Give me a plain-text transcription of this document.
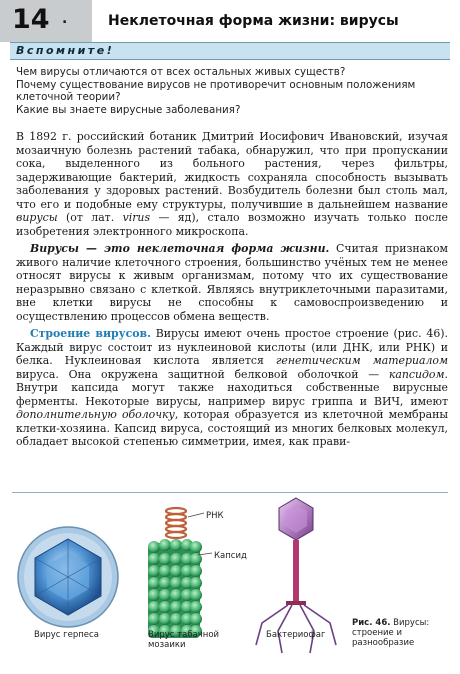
14 .	Неклеточная форма жизни: вирусы
Вспомните!
Чем вирусы отличаются от всех остальных живых существ?
Почему существование вирусов не противоречит основным положениям клеточной теории?
Какие вы знаете вирусные заболевания?

В 1892 г. российский ботаник Дмитрий Иосифович Ивановский, изучая мозаичную болезнь растений табака, обнаружил, что при пропускании сока, выделенного из больного растения, через фильтры, задерживающие бактерий, жидкость сохраняла способность вызывать заболевания у здоровых растений. Возбудитель болезни был столь мал, что его и подобные ему структуры, получившие в дальнейшем название вирусы (от лат. virus — яд), стало возможно изучать только после изобретения электронного микроскопа.

Вирусы — это неклеточная форма жизни. Считая признаком живого наличие клеточного строения, большинство учёных тем не менее относят вирусы к живым организмам, потому что их существование неразрывно связано с клеткой. Являясь внутриклеточными паразитами, вне клетки вирусы не способны к самовоспроизведению и осуществлению процессов обмена веществ.

Строение вирусов. Вирусы имеют очень простое строение (рис. 46). Каждый вирус состоит из нуклеиновой кислоты (или ДНК, или РНК) и белка. Нуклеиновая кислота является генетическим материалом вируса. Она окружена защитной белковой оболочкой — капсидом. Внутри капсида могут также находиться собственные вирусные ферменты. Некоторые вирусы, например вирус гриппа и ВИЧ, имеют дополнительную оболочку, которая образуется из клеточной мембраны клетки-хозяина. Капсид вируса, состоящий из многих белковых молекул, обладает высокой степенью симметрии, имея, как прави-

РНК
Капсид
Вирус герпеса	Вирус табачной
мозаики
Бактериофаг
Рис. 46. Вирусы: строение и разнообразие
